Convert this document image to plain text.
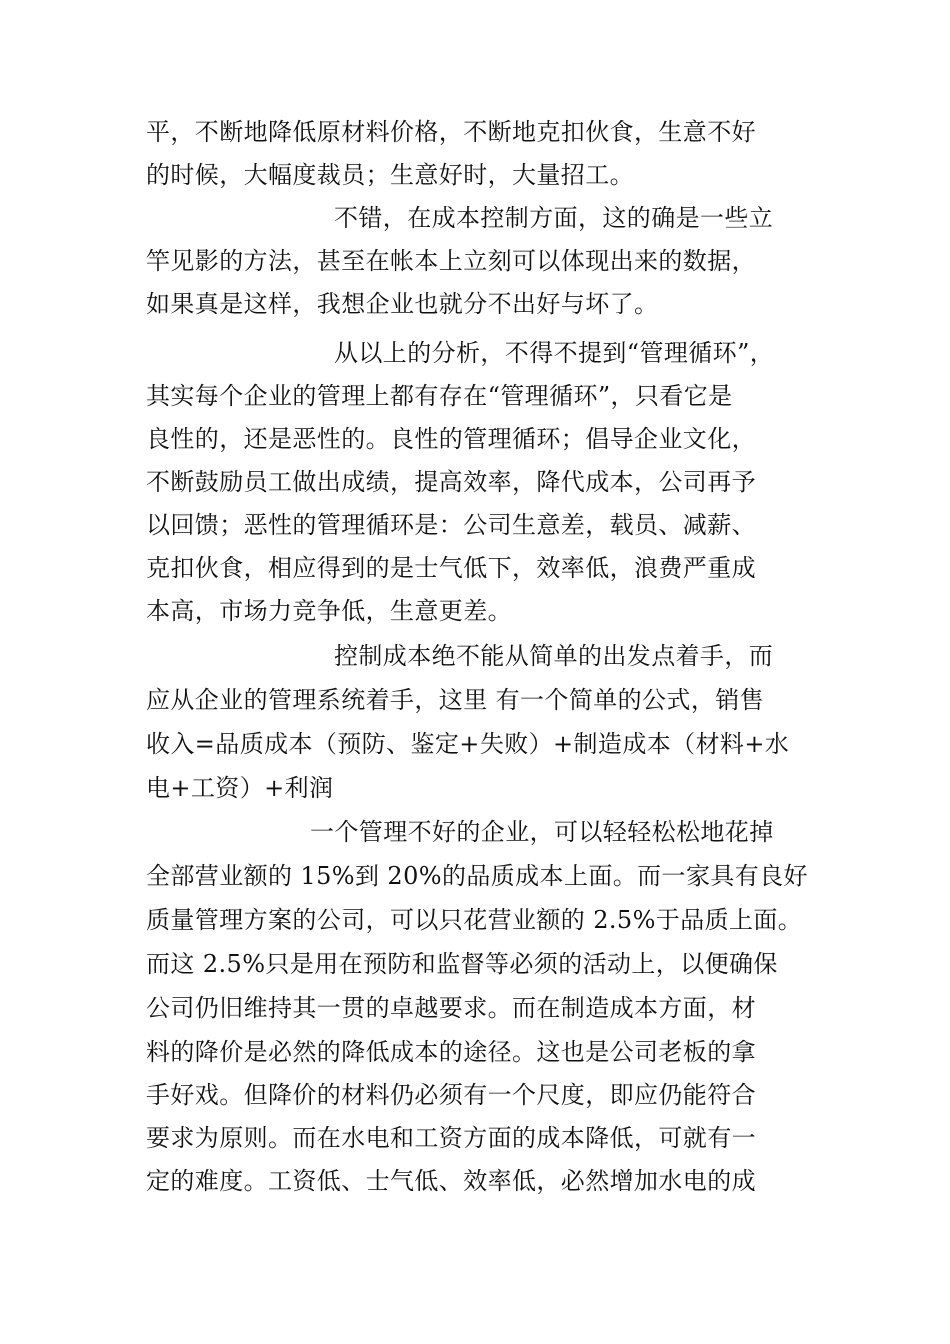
平，不断地降低原材料价格，不断地克扣伙食，生意不好
的时候，大幅度裁员；生意好时，大量招工。
不错，在成本控制方面，这的确是一些立
竿见影的方法，甚至在帐本上立刻可以体现出来的数据，
如果真是这样，我想企业也就分不出好与坏了。
从以上的分析，不得不提到“管理循环”，
其实每个企业的管理上都有存在“管理循环”，只看它是
良性的，还是恶性的。良性的管理循环；倡导企业文化，
不断鼓励员工做出成绩，提高效率，降代成本，公司再予
以回馈；恶性的管理循环是：公司生意差，载员、减薪、
克扣伙食，相应得到的是士气低下，效率低，浪费严重成
本高，市场力竞争低，生意更差。
控制成本绝不能从简单的出发点着手，而
应从企业的管理系统着手，这里 有一个简单的公式，销售
收入=品质成本（预防、鉴定+失败）+制造成本（材料+水
电+工资）+利润
一个管理不好的企业，可以轻轻松松地花掉
全部营业额的 15%到 20%的品质成本上面。而一家具有良好
质量管理方案的公司，可以只花营业额的 2.5%于品质上面。
而这 2.5%只是用在预防和监督等必须的活动上，以便确保
公司仍旧维持其一贯的卓越要求。而在制造成本方面，材
料的降价是必然的降低成本的途径。这也是公司老板的拿
手好戏。但降价的材料仍必须有一个尺度，即应仍能符合
要求为原则。而在水电和工资方面的成本降低，可就有一
定的难度。工资低、士气低、效率低，必然增加水电的成
